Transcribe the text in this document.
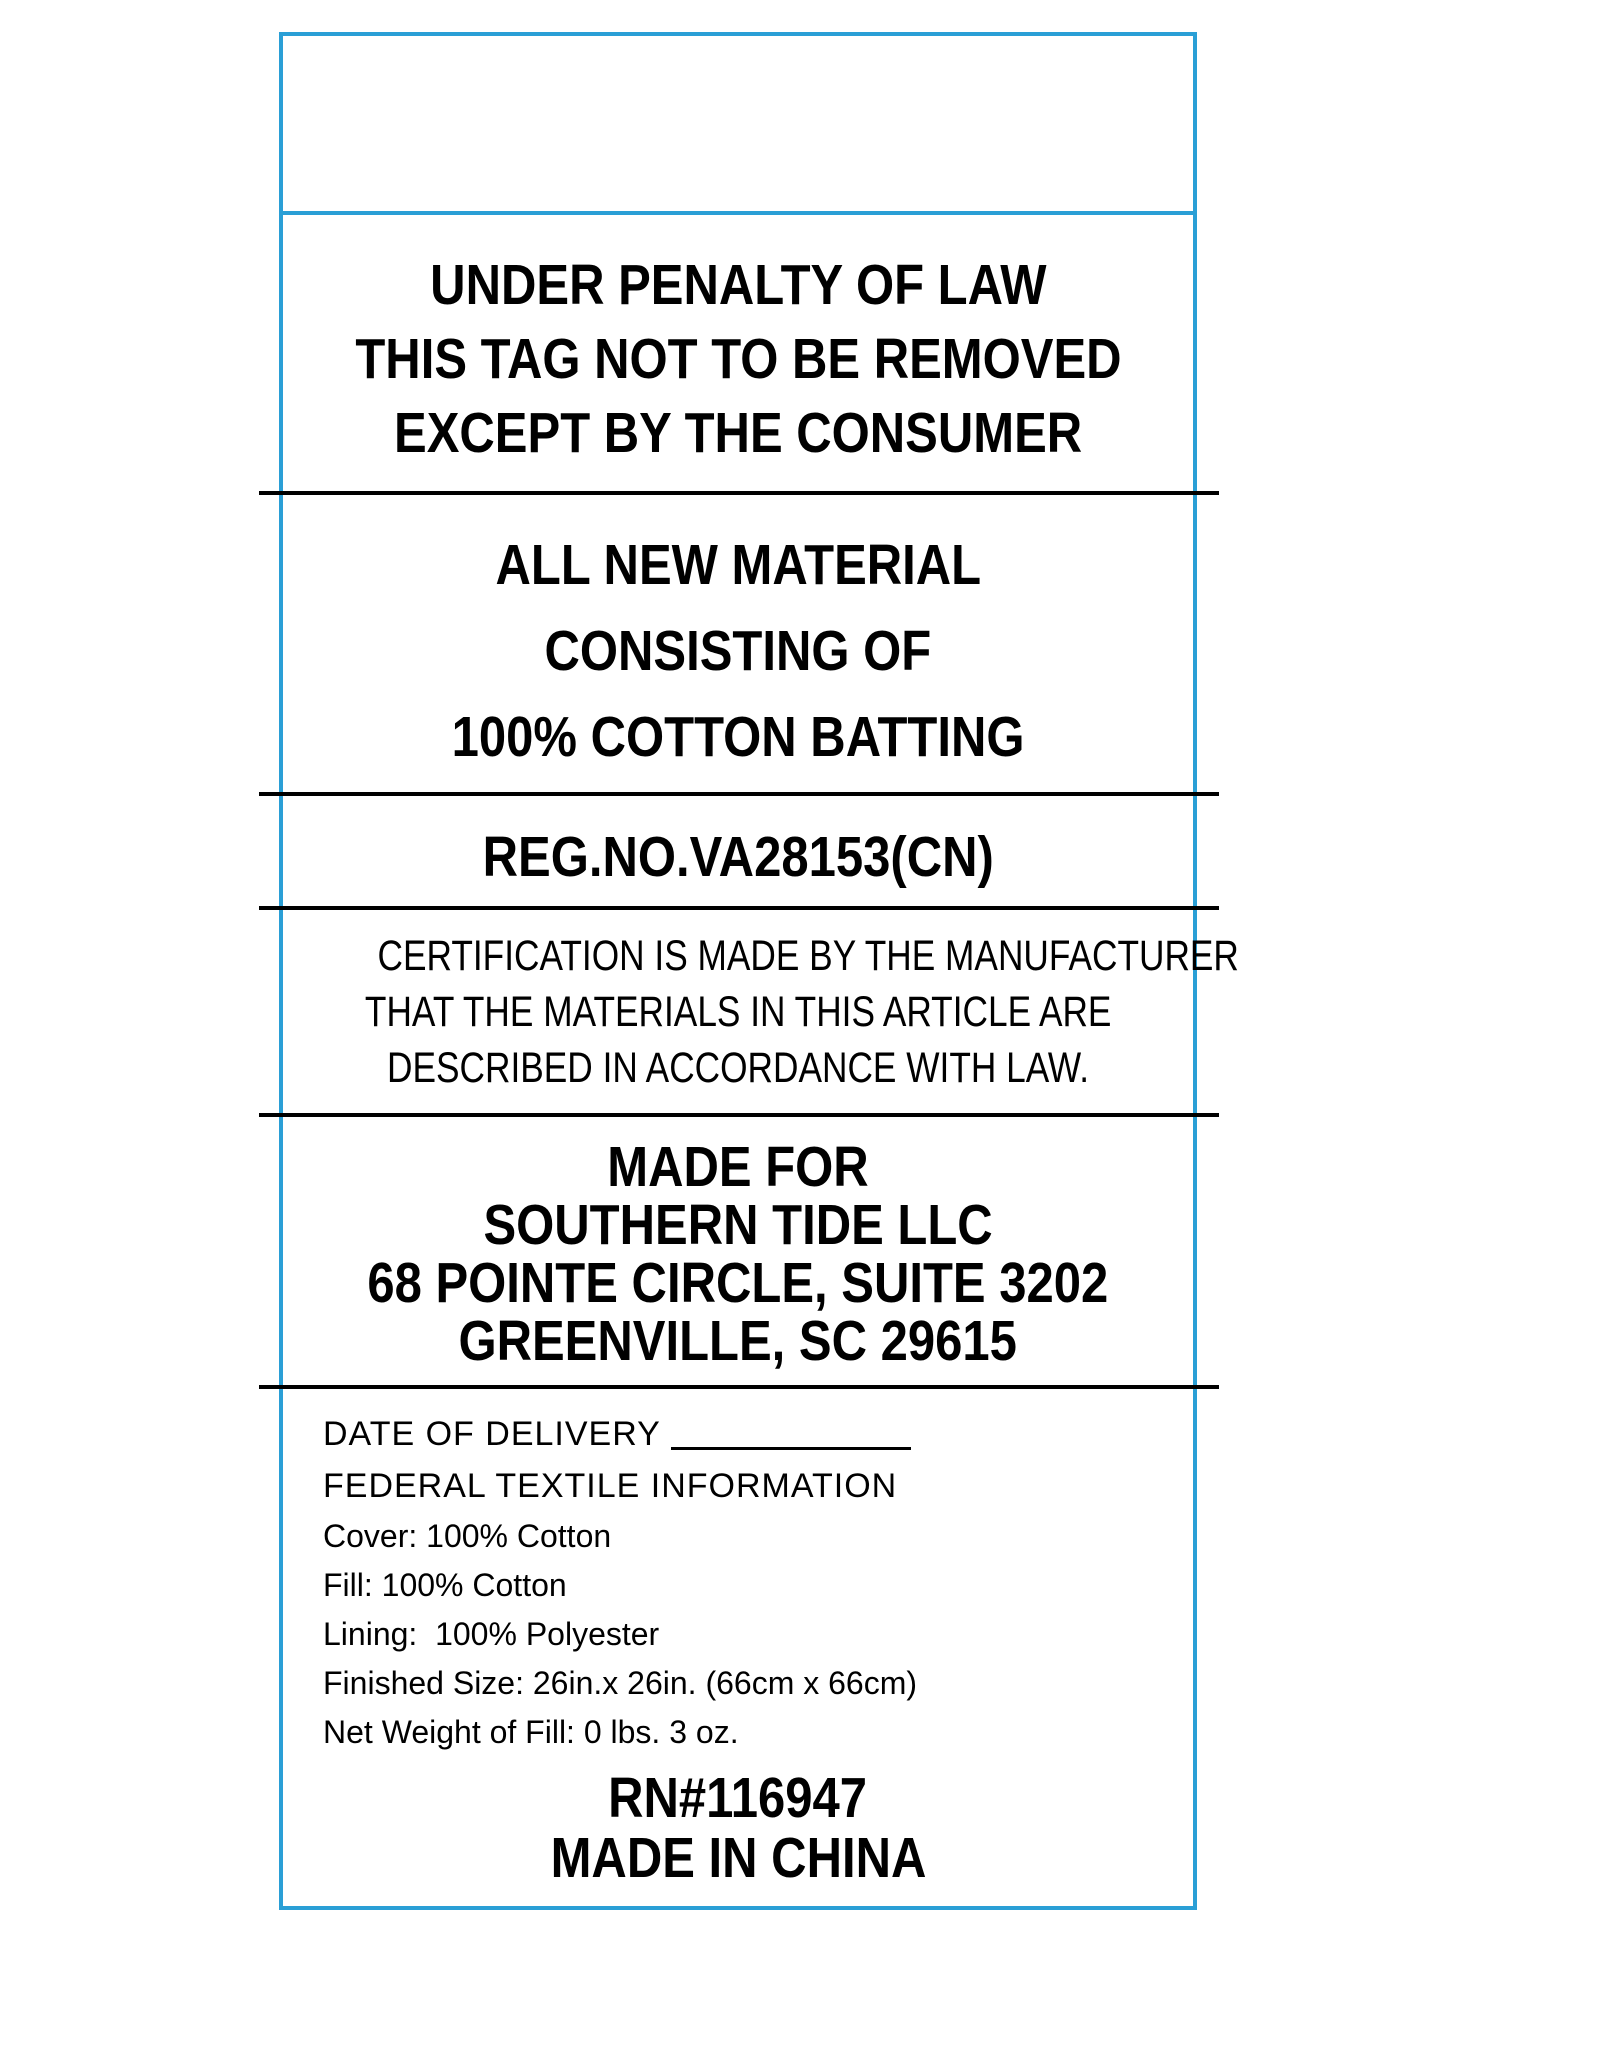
UNDER PENALTY OF LAW
THIS TAG NOT TO BE REMOVED
EXCEPT BY THE CONSUMER
ALL NEW MATERIAL
CONSISTING OF
100% COTTON BATTING
REG.NO.VA28153(CN)
CERTIFICATION IS MADE BY THE MANUFACTURER
THAT THE MATERIALS IN THIS ARTICLE ARE
DESCRIBED IN ACCORDANCE WITH LAW.
MADE FOR
SOUTHERN TIDE LLC
68 POINTE CIRCLE, SUITE 3202
GREENVILLE, SC 29615
DATE OF DELIVERY
FEDERAL TEXTILE INFORMATION
Cover: 100% Cotton
Fill: 100% Cotton
Lining:  100% Polyester
Finished Size: 26in.x 26in. (66cm x 66cm)
Net Weight of Fill: 0 lbs. 3 oz.
RN#116947
MADE IN CHINA
